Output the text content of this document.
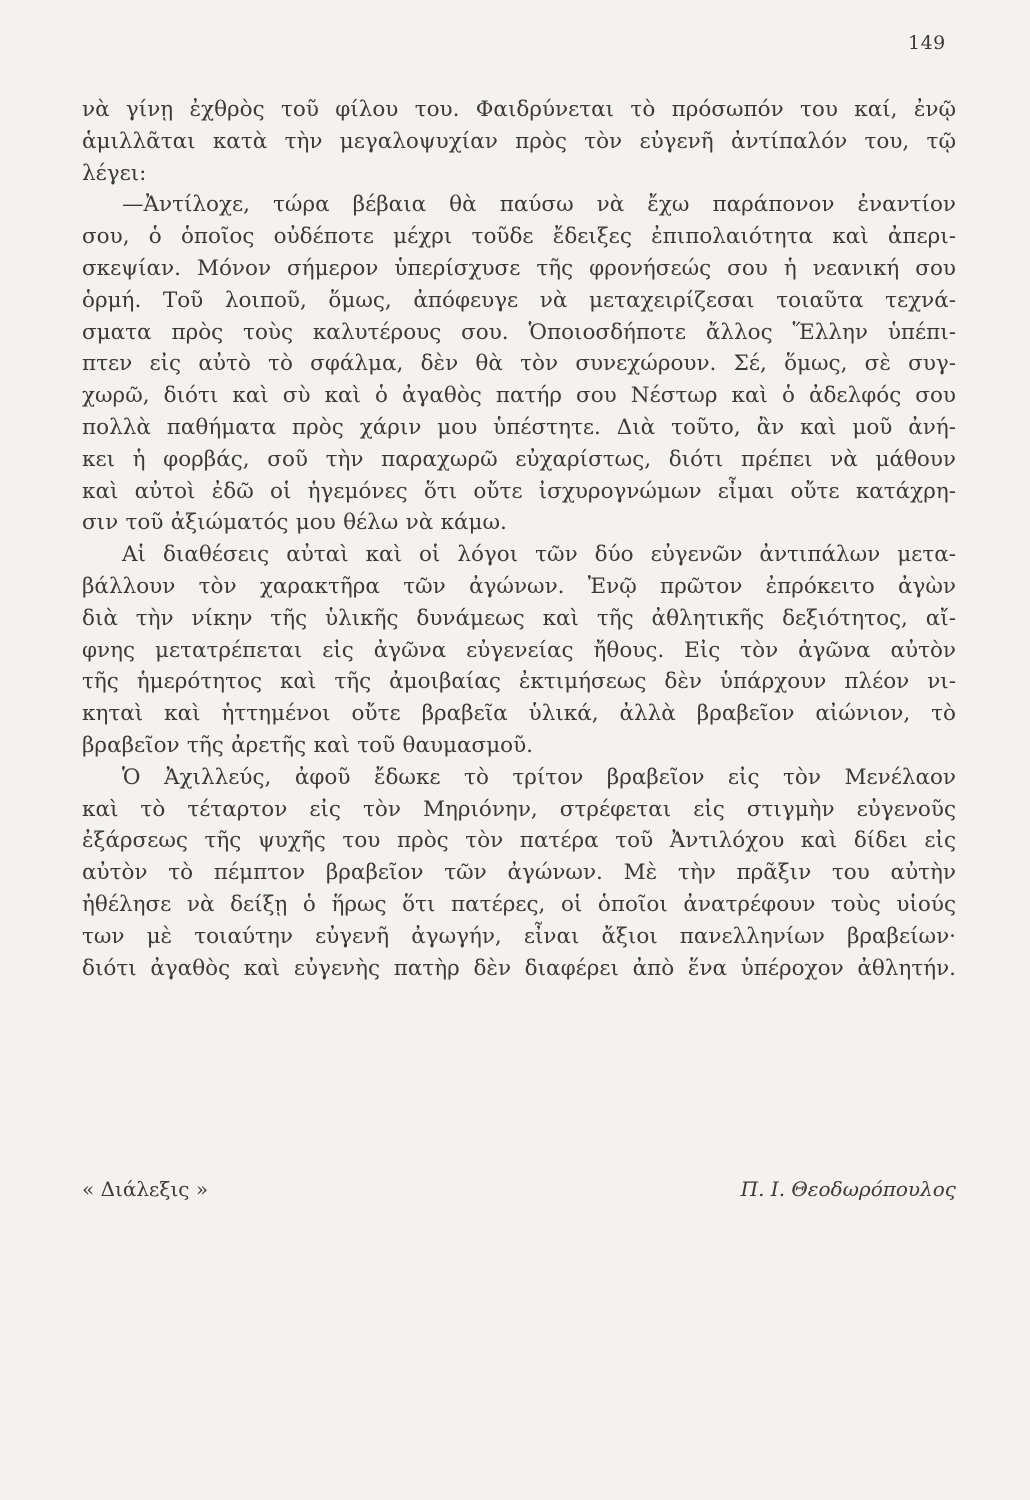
149

νὰ γίνῃ ἐχθρὸς τοῦ φίλου του. Φαιδρύνεται τὸ πρόσωπόν του καί, ἐνῷ
ἁμιλλᾶται κατὰ τὴν μεγαλοψυχίαν πρὸς τὸν εὐγενῆ ἀντίπαλόν του, τῷ
λέγει:

—Ἀντίλοχε, τώρα βέβαια θὰ παύσω νὰ ἔχω παράπονον ἐναντίον
σου, ὁ ὁποῖος οὐδέποτε μέχρι τοῦδε ἔδειξες ἐπιπολαιότητα καὶ ἀπερι-
σκεψίαν. Μόνον σήμερον ὑπερίσχυσε τῆς φρονήσεώς σου ἡ νεανική σου
ὁρμή. Τοῦ λοιποῦ, ὅμως, ἀπόφευγε νὰ μεταχειρίζεσαι τοιαῦτα τεχνά-
σματα πρὸς τοὺς καλυτέρους σου. Ὁποιοσδήποτε ἄλλος Ἕλλην ὑπέπι-
πτεν εἰς αὐτὸ τὸ σφάλμα, δὲν θὰ τὸν συνεχώρουν. Σέ, ὅμως, σὲ συγ-
χωρῶ, διότι καὶ σὺ καὶ ὁ ἀγαθὸς πατήρ σου Νέστωρ καὶ ὁ ἀδελφός σου
πολλὰ παθήματα πρὸς χάριν μου ὑπέστητε. Διὰ τοῦτο, ἂν καὶ μοῦ ἀνή-
κει ἡ φορβάς, σοῦ τὴν παραχωρῶ εὐχαρίστως, διότι πρέπει νὰ μάθουν
καὶ αὐτοὶ ἐδῶ οἱ ἡγεμόνες ὅτι οὔτε ἰσχυρογνώμων εἶμαι οὔτε κατάχρη-
σιν τοῦ ἀξιώματός μου θέλω νὰ κάμω.

Αἱ διαθέσεις αὐταὶ καὶ οἱ λόγοι τῶν δύο εὐγενῶν ἀντιπάλων μετα-
βάλλουν τὸν χαρακτῆρα τῶν ἀγώνων. Ἐνῷ πρῶτον ἐπρόκειτο ἀγὼν
διὰ τὴν νίκην τῆς ὑλικῆς δυνάμεως καὶ τῆς ἀθλητικῆς δεξιότητος, αἴ-
φνης μετατρέπεται εἰς ἀγῶνα εὐγενείας ἤθους. Εἰς τὸν ἀγῶνα αὐτὸν
τῆς ἡμερότητος καὶ τῆς ἀμοιβαίας ἐκτιμήσεως δὲν ὑπάρχουν πλέον νι-
κηταὶ καὶ ἡττημένοι οὔτε βραβεῖα ὑλικά, ἀλλὰ βραβεῖον αἰώνιον, τὸ
βραβεῖον τῆς ἀρετῆς καὶ τοῦ θαυμασμοῦ.

Ὁ Ἀχιλλεύς, ἀφοῦ ἔδωκε τὸ τρίτον βραβεῖον εἰς τὸν Μενέλαον
καὶ τὸ τέταρτον εἰς τὸν Μηριόνην, στρέφεται εἰς στιγμὴν εὐγενοῦς
ἐξάρσεως τῆς ψυχῆς του πρὸς τὸν πατέρα τοῦ Ἀντιλόχου καὶ δίδει εἰς
αὐτὸν τὸ πέμπτον βραβεῖον τῶν ἀγώνων. Μὲ τὴν πρᾶξιν του αὐτὴν
ἠθέλησε νὰ δείξῃ ὁ ἥρως ὅτι πατέρες, οἱ ὁποῖοι ἀνατρέφουν τοὺς υἱούς
των μὲ τοιαύτην εὐγενῆ ἀγωγήν, εἶναι ἄξιοι πανελληνίων βραβείων·
διότι ἀγαθὸς καὶ εὐγενὴς πατὴρ δὲν διαφέρει ἀπὸ ἕνα ὑπέροχον ἀθλητήν.

« Διάλεξις »	Π. Ι. Θεοδωρόπουλος
